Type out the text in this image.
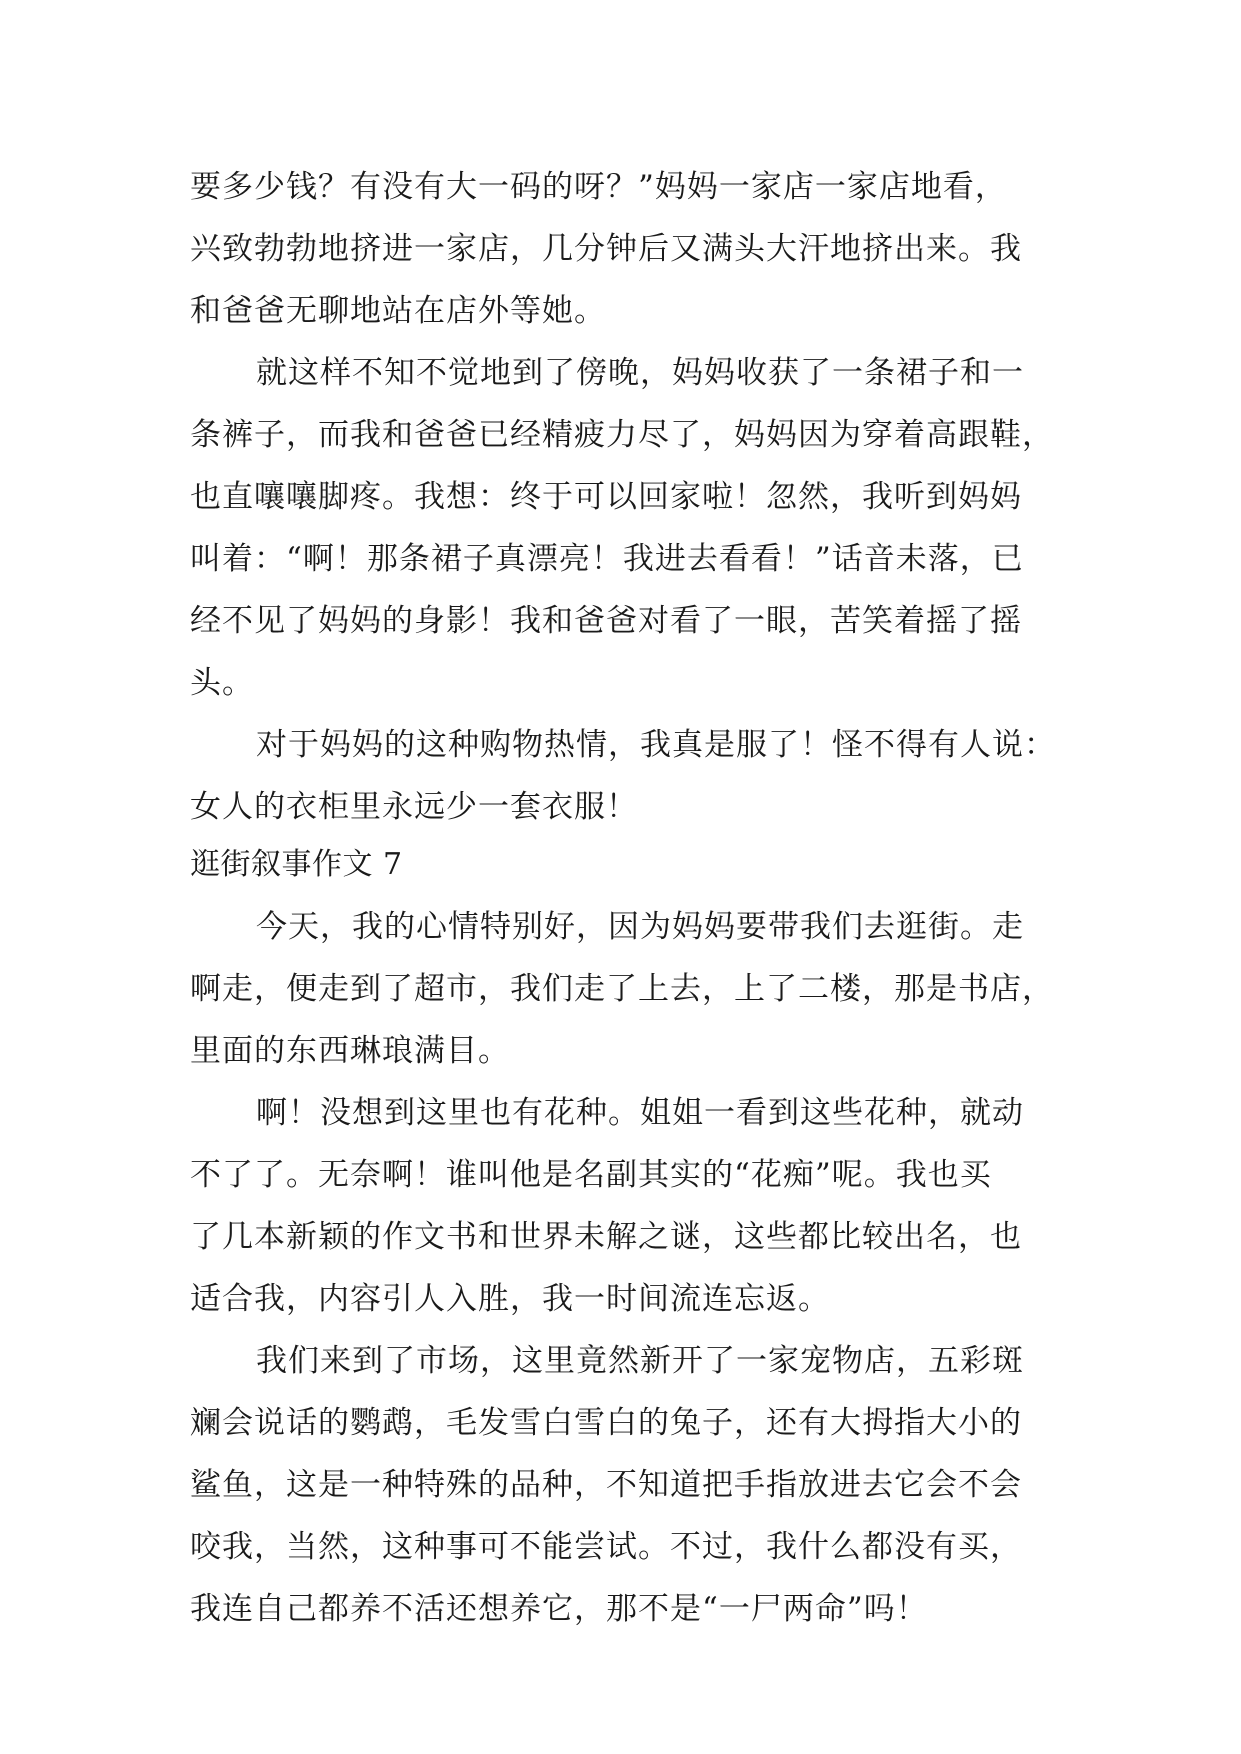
要多少钱？有没有大一码的呀？”妈妈一家店一家店地看，
兴致勃勃地挤进一家店，几分钟后又满头大汗地挤出来。我
和爸爸无聊地站在店外等她。
就这样不知不觉地到了傍晚，妈妈收获了一条裙子和一
条裤子，而我和爸爸已经精疲力尽了，妈妈因为穿着高跟鞋，
也直嚷嚷脚疼。我想：终于可以回家啦！忽然，我听到妈妈
叫着：“啊！那条裙子真漂亮！我进去看看！”话音未落，已
经不见了妈妈的身影！我和爸爸对看了一眼，苦笑着摇了摇
头。
对于妈妈的这种购物热情，我真是服了！怪不得有人说：
女人的衣柜里永远少一套衣服！
逛街叙事作文 7
今天，我的心情特别好，因为妈妈要带我们去逛街。走
啊走，便走到了超市，我们走了上去，上了二楼，那是书店，
里面的东西琳琅满目。
啊！没想到这里也有花种。姐姐一看到这些花种，就动
不了了。无奈啊！谁叫他是名副其实的“花痴”呢。我也买
了几本新颖的作文书和世界未解之谜，这些都比较出名，也
适合我，内容引人入胜，我一时间流连忘返。
我们来到了市场，这里竟然新开了一家宠物店，五彩斑
斓会说话的鹦鹉，毛发雪白雪白的兔子，还有大拇指大小的
鲨鱼，这是一种特殊的品种，不知道把手指放进去它会不会
咬我，当然，这种事可不能尝试。不过，我什么都没有买，
我连自己都养不活还想养它，那不是“一尸两命”吗！
